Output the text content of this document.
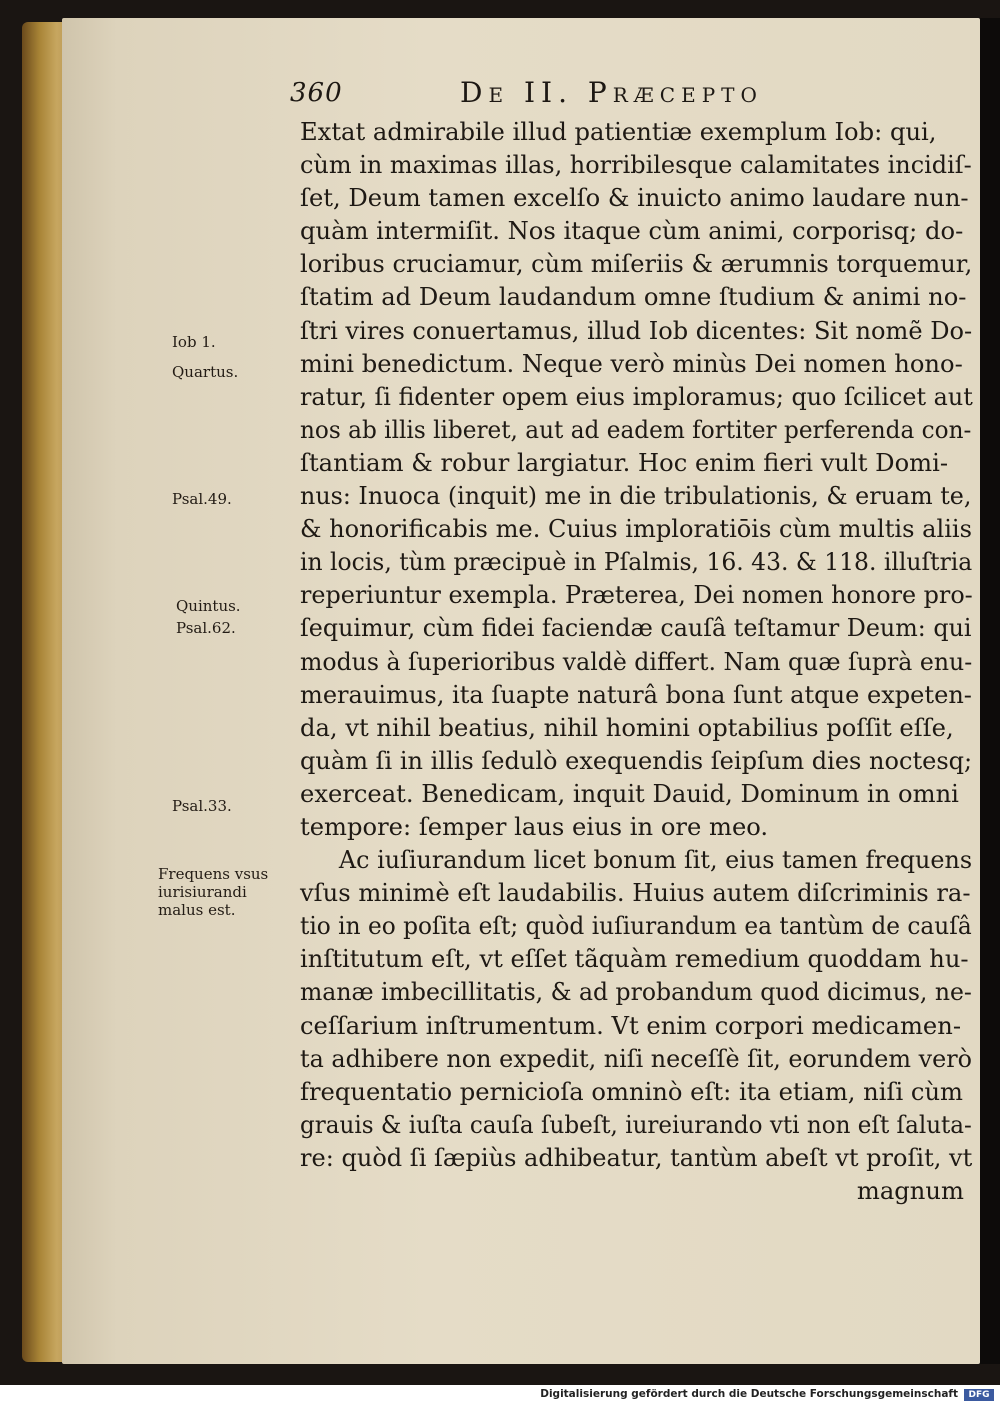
360	De II. Præcepto
Iob 1.
Quartus.
Psal.49.
Quintus.
Psal.62.
Psal.33.
Frequens vsus iurisiurandi malus est.
Extat admirabile illud patientiæ exemplum Iob: qui,
cùm in maximas illas, horribilesque calamitates incidiſ-
ſet, Deum tamen excelſo & inuicto animo laudare nun-
quàm intermiſit. Nos itaque cùm animi, corporisq; do-
loribus cruciamur, cùm miſeriis & ærumnis torquemur,
ſtatim ad Deum laudandum omne ſtudium & animi no-
ſtri vires conuertamus, illud Iob dicentes: Sit nomẽ Do-
mini benedictum. Neque verò minùs Dei nomen hono-
ratur, ſi fidenter opem eius imploramus; quo ſcilicet aut
nos ab illis liberet, aut ad eadem fortiter perferenda con-
ſtantiam & robur largiatur. Hoc enim fieri vult Domi-
nus: Inuoca (inquit) me in die tribulationis, & eruam te,
& honorificabis me. Cuius imploratiōis cùm multis aliis
in locis, tùm præcipuè in Pſalmis, 16. 43. & 118. illuſtria
reperiuntur exempla. Præterea, Dei nomen honore pro-
ſequimur, cùm fidei faciendæ cauſâ teſtamur Deum: qui
modus à ſuperioribus valdè differt. Nam quæ ſuprà enu-
merauimus, ita ſuapte naturâ bona ſunt atque expeten-
da, vt nihil beatius, nihil homini optabilius poſſit eſſe,
quàm ſi in illis ſedulò exequendis ſeipſum dies noctesq;
exerceat. Benedicam, inquit Dauid, Dominum in omni
tempore: ſemper laus eius in ore meo.
Ac iuſiurandum licet bonum ſit, eius tamen frequens
vſus minimè eſt laudabilis. Huius autem diſcriminis ra-
tio in eo poſita eſt; quòd iuſiurandum ea tantùm de cauſâ
inſtitutum eſt, vt eſſet tãquàm remedium quoddam hu-
manæ imbecillitatis, & ad probandum quod dicimus, ne-
ceſſarium inſtrumentum. Vt enim corpori medicamen-
ta adhibere non expedit, niſi neceſſè ſit, eorundem verò
frequentatio pernicioſa omninò eſt: ita etiam, niſi cùm
grauis & iuſta cauſa ſubeſt, iureiurando vti non eſt ſaluta-
re: quòd ſi ſæpiùs adhibeatur, tantùm abeſt vt proſit, vt
magnum
Digitalisierung gefördert durch die Deutsche Forschungsgemeinschaft	DFG
